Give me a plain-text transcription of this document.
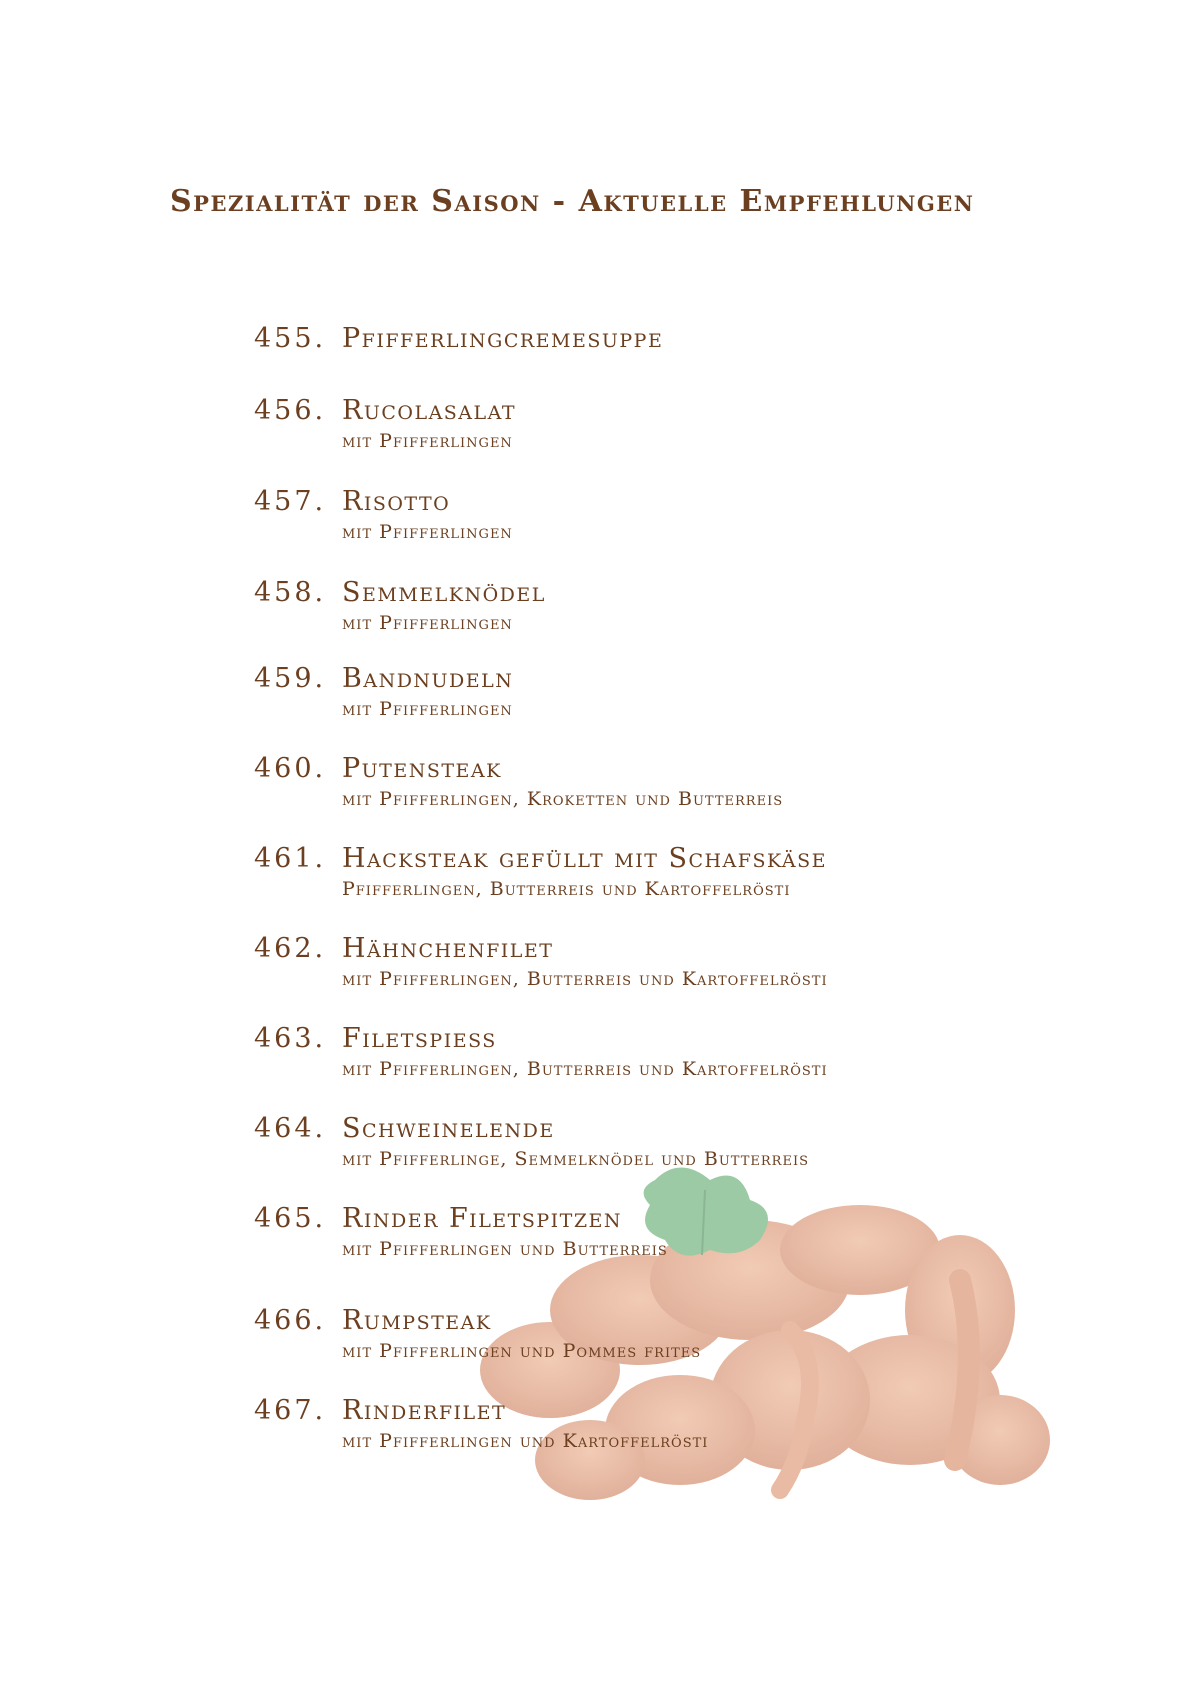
Spezialität der Saison - Aktuelle Empfehlungen
455. Pfifferlingcremesuppe
456. Rucolasalat
mit Pfifferlingen
457. Risotto
mit Pfifferlingen
458. Semmelknödel
mit Pfifferlingen
459. Bandnudeln
mit Pfifferlingen
460. Putensteak
mit Pfifferlingen, Kroketten und Butterreis
461. Hacksteak gefüllt mit Schafskäse
Pfifferlingen, Butterreis und Kartoffelrösti
462. Hähnchenfilet
mit Pfifferlingen, Butterreis und Kartoffelrösti
463. Filetspiess
mit Pfifferlingen, Butterreis und Kartoffelrösti
464. Schweinelende
mit Pfifferlinge, Semmelknödel und Butterreis
465. Rinder Filetspitzen
mit Pfifferlingen und Butterreis
466. Rumpsteak
mit Pfifferlingen und Pommes frites
467. Rinderfilet
mit Pfifferlingen und Kartoffelrösti
